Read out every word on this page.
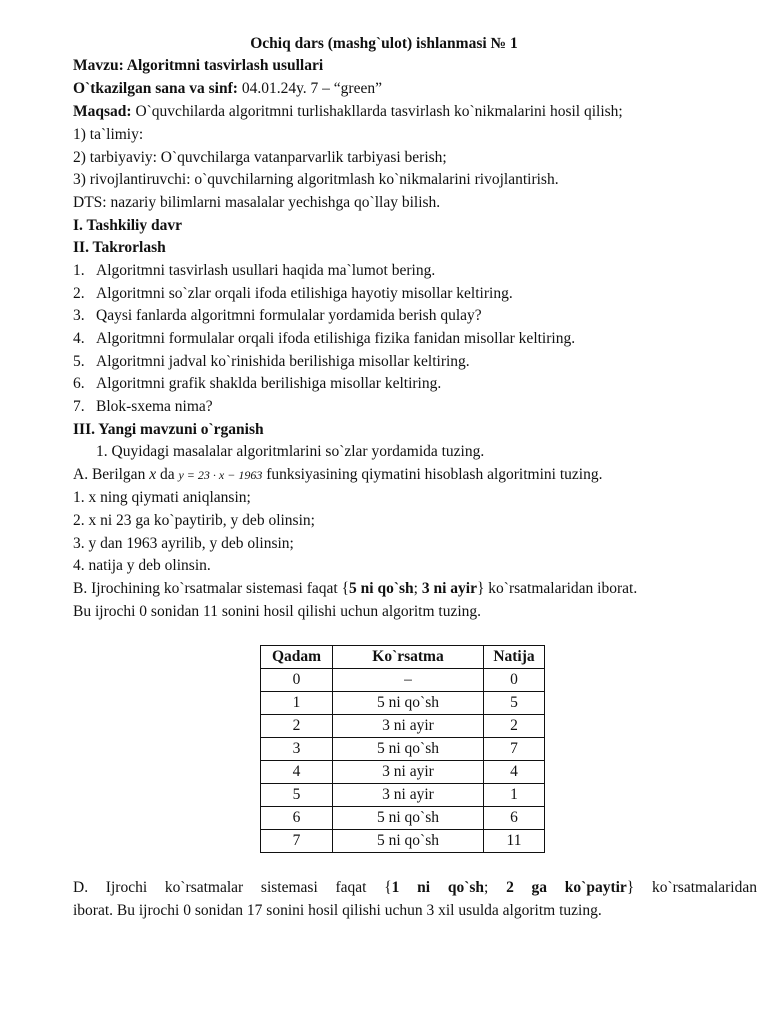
Ochiq dars (mashg`ulot) ishlanmasi № 1
Mavzu: Algoritmni tasvirlash usullari
O`tkazilgan sana va sinf: 04.01.24y. 7 – “green”
Maqsad: O`quvchilarda algoritmni turlishakllarda tasvirlash ko`nikmalarini hosil qilish;
1) ta`limiy:
2) tarbiyaviy: O`quvchilarga vatanparvarlik tarbiyasi berish;
3) rivojlantiruvchi: o`quvchilarning algoritmlash ko`nikmalarini rivojlantirish.
DTS: nazariy bilimlarni masalalar yechishga qo`llay bilish.
I. Tashkiliy davr
II. Takrorlash
1. Algoritmni tasvirlash usullari haqida ma`lumot bering.
2. Algoritmni so`zlar orqali ifoda etilishiga hayotiy misollar keltiring.
3. Qaysi fanlarda algoritmni formulalar yordamida berish qulay?
4. Algoritmni formulalar orqali ifoda etilishiga fizika fanidan misollar keltiring.
5. Algoritmni jadval ko`rinishida berilishiga misollar keltiring.
6. Algoritmni grafik shaklda berilishiga misollar keltiring.
7. Blok-sxema nima?
III. Yangi mavzuni o`rganish
1. Quyidagi masalalar algoritmlarini so`zlar yordamida tuzing.
A. Berilgan x da y = 23 · x − 1963 funksiyasining qiymatini hisoblash algoritmini tuzing.
1. x ning qiymati aniqlansin;
2. x ni 23 ga ko`paytirib, y deb olinsin;
3. y dan 1963 ayrilib, y deb olinsin;
4. natija y deb olinsin.
B. Ijrochining ko`rsatmalar sistemasi faqat {5 ni qo`sh; 3 ni ayir} ko`rsatmalaridan iborat.
Bu ijrochi 0 sonidan 11 sonini hosil qilishi uchun algoritm tuzing.
Qadam	Ko`rsatma	Natija
0	–	0
1	5 ni qo`sh	5
2	3 ni ayir	2
3	5 ni qo`sh	7
4	3 ni ayir	4
5	3 ni ayir	1
6	5 ni qo`sh	6
7	5 ni qo`sh	11
D. Ijrochi ko`rsatmalar sistemasi faqat {1 ni qo`sh; 2 ga ko`paytir} ko`rsatmalaridan
iborat. Bu ijrochi 0 sonidan 17 sonini hosil qilishi uchun 3 xil usulda algoritm tuzing.
